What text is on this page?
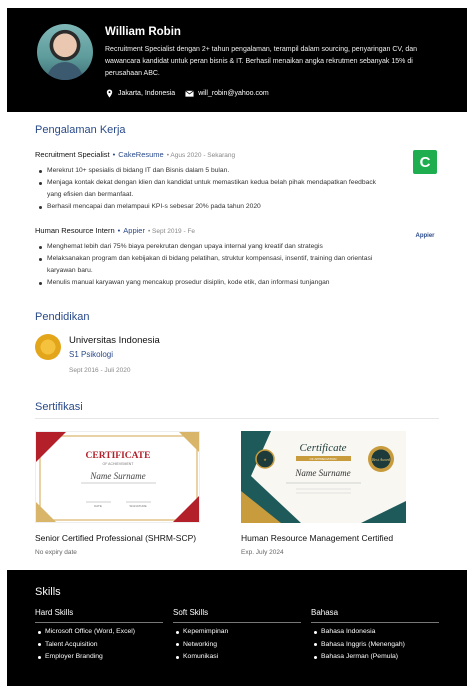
William Robin
Recruitment Specialist dengan 2+ tahun pengalaman, terampil dalam sourcing, penyaringan CV, dan wawancara kandidat untuk peran bisnis & IT. Berhasil menaikan angka rekrutmen sebanyak 15% di perusahaan ABC.
Jakarta, Indonesia	will_robin@yahoo.com
Pengalaman Kerja
Recruitment Specialist • CakeResume • Agus 2020 - Sekarang	C
Merekrut 10+ spesialis di bidang IT dan Bisnis dalam 5 bulan.
Menjaga kontak dekat dengan klien dan kandidat untuk memastikan kedua belah pihak mendapatkan feedback yang efisien dan bermanfaat.
Berhasil mencapai dan melampaui KPI-s sebesar 20% pada tahun 2020
Human Resource Intern • Appier • Sept 2019 - Fe
Appier
Menghemat lebih dari 75% biaya perekrutan dengan upaya internal yang kreatif dan strategis
Melaksanakan program dan kebijakan di bidang pelatihan, struktur kompensasi, insentif, training dan orientasi karyawan baru.
Menulis manual karyawan yang mencakup prosedur disiplin, kode etik, dan informasi tunjangan
Pendidikan
Universitas Indonesia
S1 Psikologi
Sept 2016 - Juli 2020
Sertifikasi
CERTIFICATE
OF ACHIEVEMENT
Name Surname
DATE	SIGNATURE
Senior Certified Professional (SHRM-SCP)
No expiry date
★
Certificate
OF APPRECIATION
Name Surname
Best Award
Human Resource Management Certified
Exp. July 2024
Skills
Hard Skills
Microsoft Office (Word, Excel)
Talent Acquisition
Employer Branding
Soft Skills
Kepemimpinan
Networking
Komunikasi
Bahasa
Bahasa Indonesia
Bahasa Inggris (Menengah)
Bahasa Jerman (Pemula)
